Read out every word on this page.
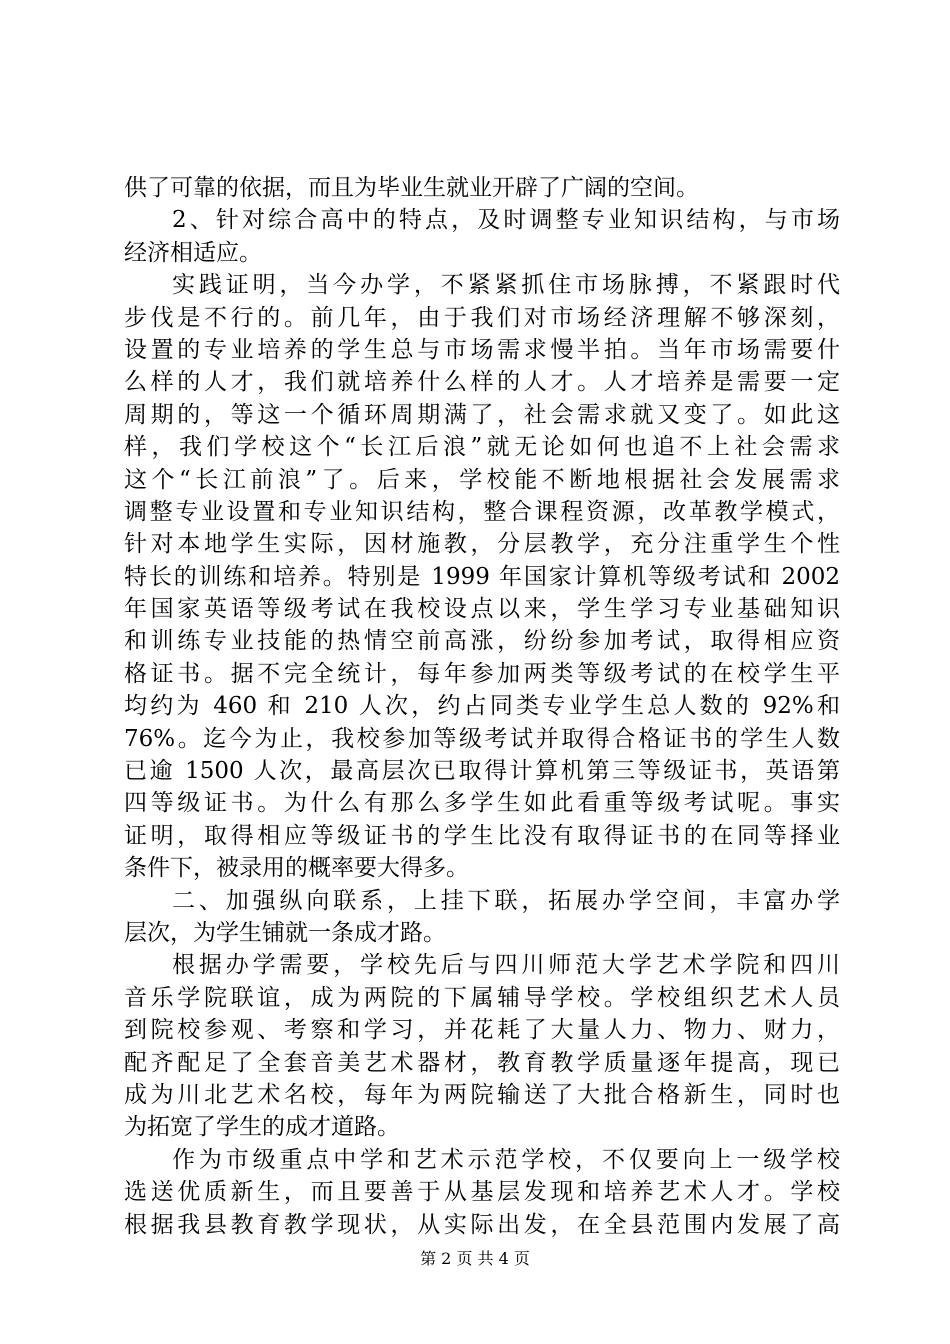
供了可靠的依据，而且为毕业生就业开辟了广阔的空间。
2、针对综合高中的特点，及时调整专业知识结构，与市场
经济相适应。
实践证明，当今办学，不紧紧抓住市场脉搏，不紧跟时代
步伐是不行的。前几年，由于我们对市场经济理解不够深刻，
设置的专业培养的学生总与市场需求慢半拍。当年市场需要什
么样的人才，我们就培养什么样的人才。人才培养是需要一定
周期的，等这一个循环周期满了，社会需求就又变了。如此这
样，我们学校这个“长江后浪”就无论如何也追不上社会需求
这个“长江前浪”了。后来，学校能不断地根据社会发展需求
调整专业设置和专业知识结构，整合课程资源，改革教学模式，
针对本地学生实际，因材施教，分层教学，充分注重学生个性
特长的训练和培养。特别是 1999 年国家计算机等级考试和 2002
年国家英语等级考试在我校设点以来，学生学习专业基础知识
和训练专业技能的热情空前高涨，纷纷参加考试，取得相应资
格证书。据不完全统计，每年参加两类等级考试的在校学生平
均约为 460 和 210 人次，约占同类专业学生总人数的 92%和
76%。迄今为止，我校参加等级考试并取得合格证书的学生人数
已逾 1500 人次，最高层次已取得计算机第三等级证书，英语第
四等级证书。为什么有那么多学生如此看重等级考试呢。事实
证明，取得相应等级证书的学生比没有取得证书的在同等择业
条件下，被录用的概率要大得多。
二、加强纵向联系，上挂下联，拓展办学空间，丰富办学
层次，为学生铺就一条成才路。
根据办学需要，学校先后与四川师范大学艺术学院和四川
音乐学院联谊，成为两院的下属辅导学校。学校组织艺术人员
到院校参观、考察和学习，并花耗了大量人力、物力、财力，
配齐配足了全套音美艺术器材，教育教学质量逐年提高，现已
成为川北艺术名校，每年为两院输送了大批合格新生，同时也
为拓宽了学生的成才道路。
作为市级重点中学和艺术示范学校，不仅要向上一级学校
选送优质新生，而且要善于从基层发现和培养艺术人才。学校
根据我县教育教学现状，从实际出发，在全县范围内发展了高
第 2 页 共 4 页
